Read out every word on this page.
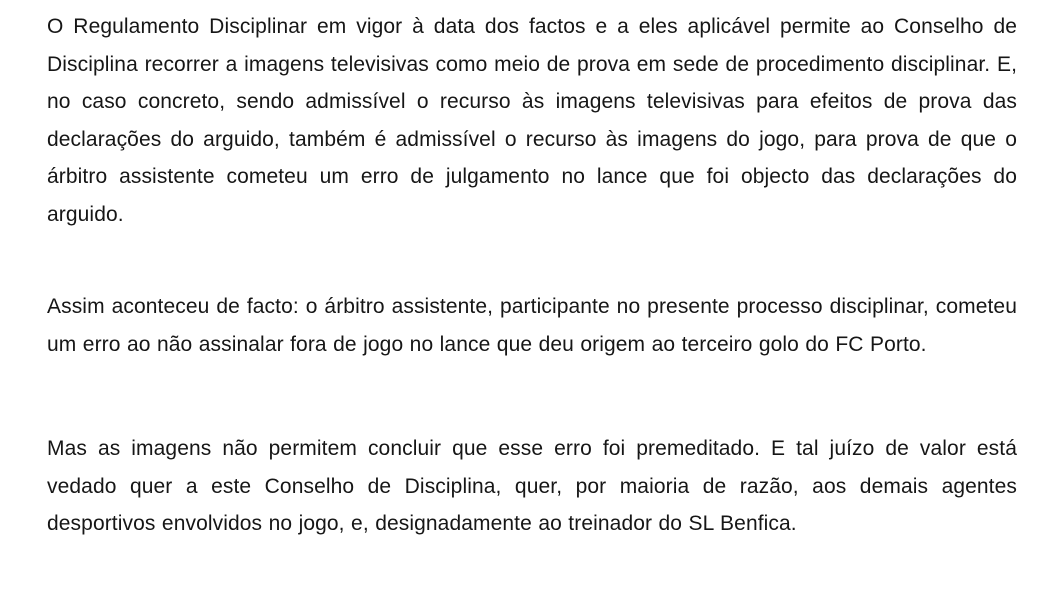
O Regulamento Disciplinar em vigor à data dos factos e a eles aplicável permite ao Conselho de Disciplina recorrer a imagens televisivas como meio de prova em sede de procedimento disciplinar. E, no caso concreto, sendo admissível o recurso às imagens televisivas para efeitos de prova das declarações do arguido, também é admissível o recurso às imagens do jogo, para prova de que o árbitro assistente cometeu um erro de julgamento no lance que foi objecto das declarações do arguido.

Assim aconteceu de facto: o árbitro assistente, participante no presente processo disciplinar, cometeu um erro ao não assinalar fora de jogo no lance que deu origem ao terceiro golo do FC Porto.

Mas as imagens não permitem concluir que esse erro foi premeditado. E tal juízo de valor está vedado quer a este Conselho de Disciplina, quer, por maioria de razão, aos demais agentes desportivos envolvidos no jogo, e, designadamente ao treinador do SL Benfica.
